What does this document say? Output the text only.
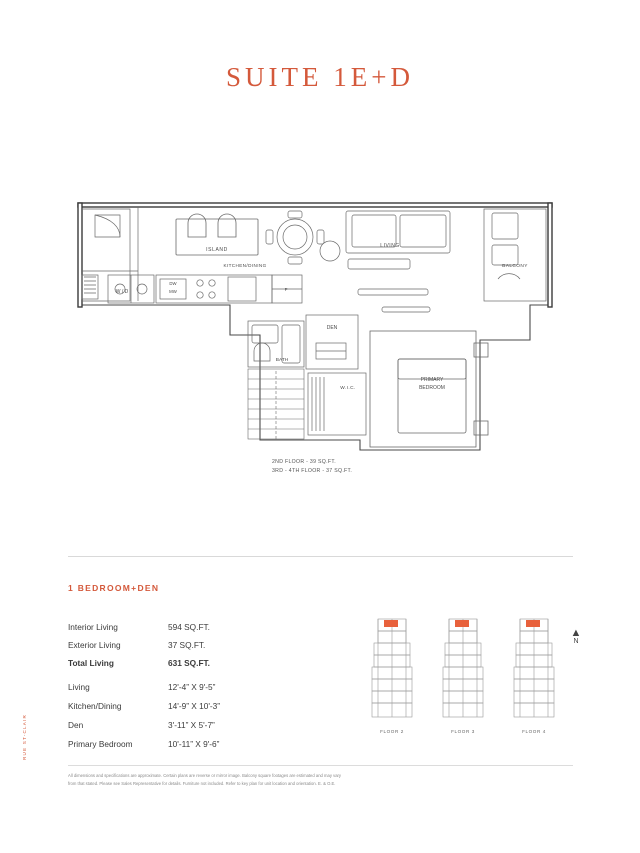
SUITE 1E+D
W / D
DW
MW	F
ISLAND
KITCHEN/DINING
LIVING
BALCONY
DEN
BATH
W.I.C.
PRIMARY
BEDROOM
2ND FLOOR - 39 SQ.FT.
3RD - 4TH FLOOR - 37 SQ.FT.
1 BEDROOM+DEN
Interior Living	594 SQ.FT.
Exterior Living	37 SQ.FT.
Total Living	631 SQ.FT.
Living	12'-4” X 9'-5”
Kitchen/Dining	14'-9” X 10'-3”
Den	3'-11” X 5'-7”
Primary Bedroom	10'-11” X 9'-6”
FLOOR 2	FLOOR 3	FLOOR 4
▲
N
All dimensions and specifications are approximate. Certain plans are reverse or mirror image. Balcony square footages are estimated and may vary
from that stated. Please see Sales Representative for details. Furniture not included. Refer to key plan for unit location and orientation. E. & O.E.
RUE ST-CLAIR
